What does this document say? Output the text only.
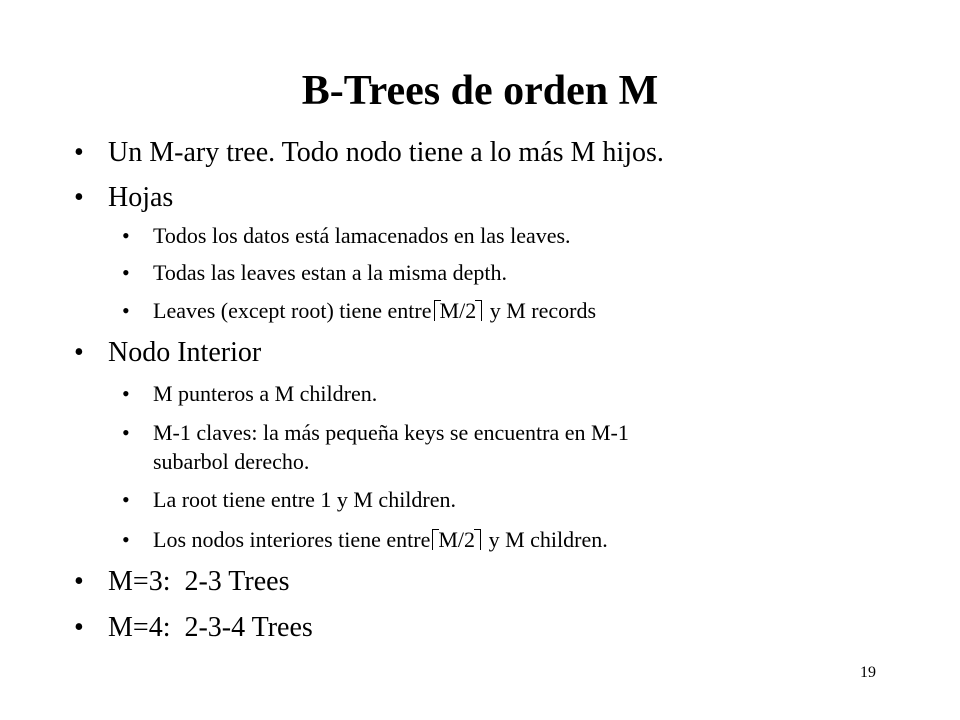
B-Trees de orden M
• Un M-ary tree. Todo nodo tiene a lo más M hijos.
• Hojas
• Todos los datos está lamacenados en las leaves.
• Todas las leaves estan a la misma depth.
• Leaves (except root) tiene entre M/2 y M records
• Nodo Interior
• M punteros a M children.
• M-1 claves: la más pequeña keys se encuentra en M-1
subarbol derecho.
• La root tiene entre 1 y M children.
• Los nodos interiores tiene entre M/2 y M children.
• M=3:  2-3 Trees
• M=4:  2-3-4 Trees
19
